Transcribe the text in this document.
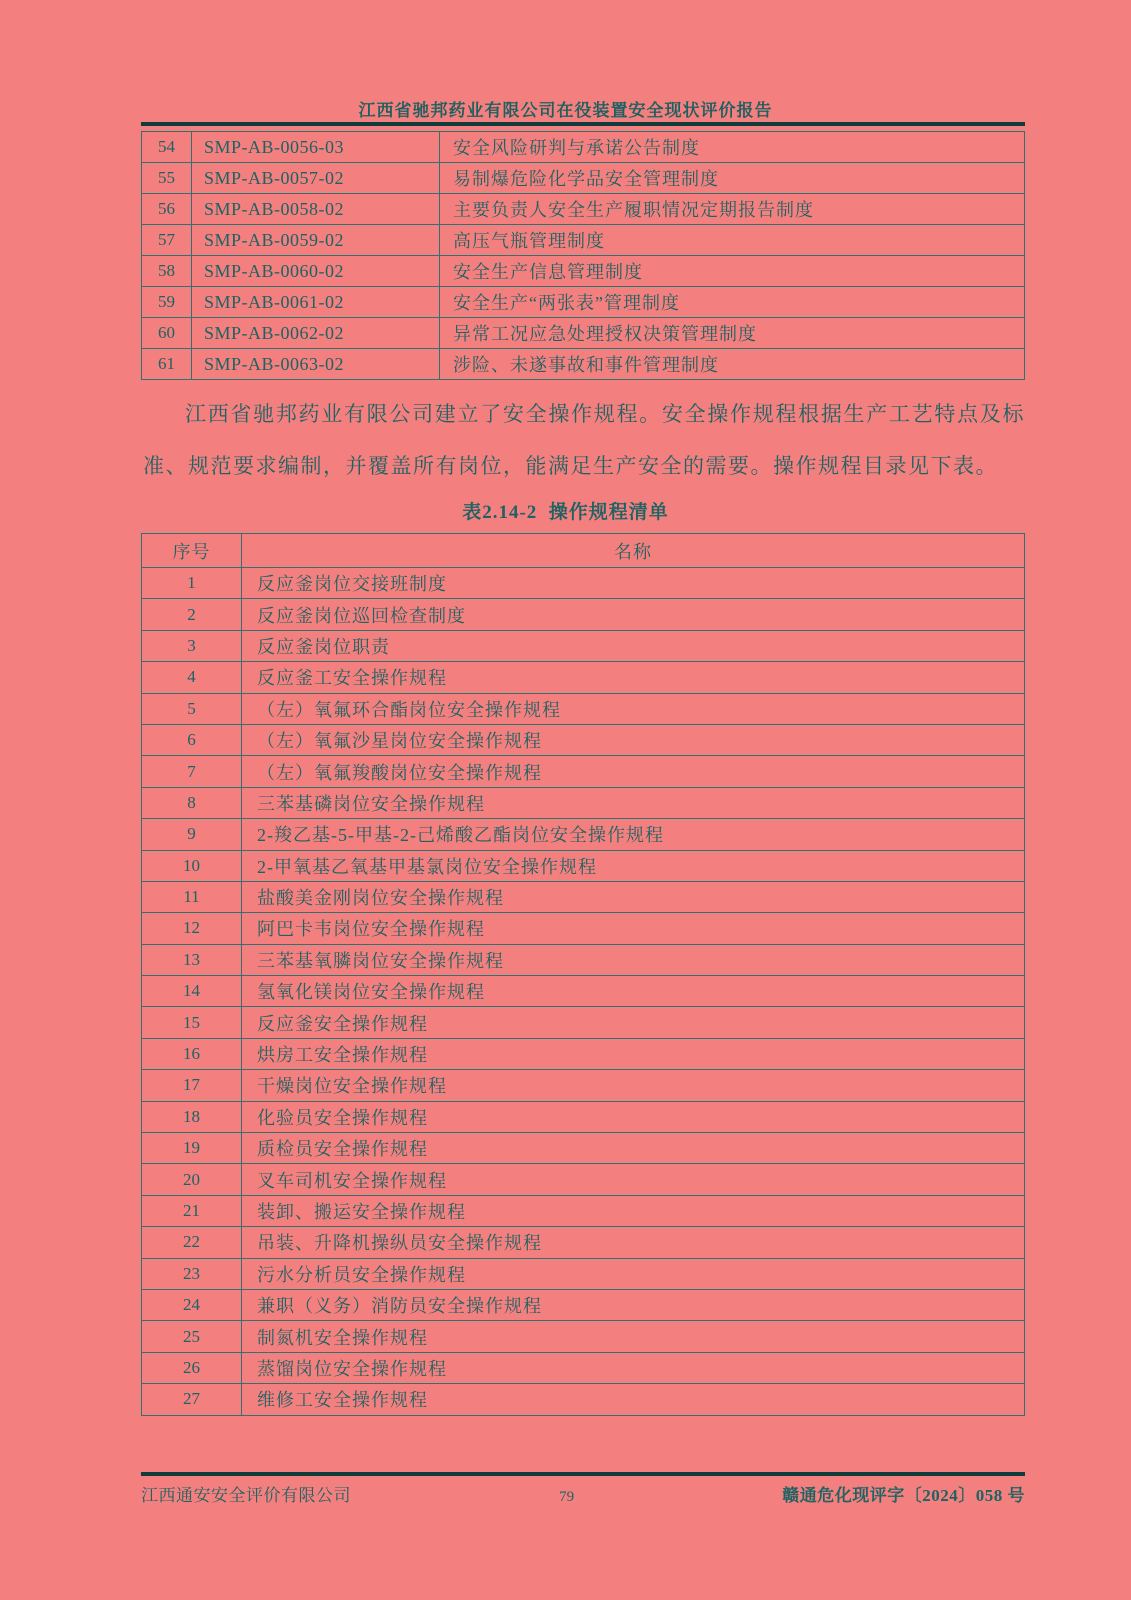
江西省驰邦药业有限公司在役装置安全现状评价报告
54	SMP-AB-0056-03	安全风险研判与承诺公告制度
55	SMP-AB-0057-02	易制爆危险化学品安全管理制度
56	SMP-AB-0058-02	主要负责人安全生产履职情况定期报告制度
57	SMP-AB-0059-02	高压气瓶管理制度
58	SMP-AB-0060-02	安全生产信息管理制度
59	SMP-AB-0061-02	安全生产“两张表”管理制度
60	SMP-AB-0062-02	异常工况应急处理授权决策管理制度
61	SMP-AB-0063-02	涉险、未遂事故和事件管理制度

江西省驰邦药业有限公司建立了安全操作规程。安全操作规程根据生产工艺特点及标准、规范要求编制，并覆盖所有岗位，能满足生产安全的需要。操作规程目录见下表。

表2.14-2  操作规程清单
序号	名称
1	反应釜岗位交接班制度
2	反应釜岗位巡回检查制度
3	反应釜岗位职责
4	反应釜工安全操作规程
5	（左）氧氟环合酯岗位安全操作规程
6	（左）氧氟沙星岗位安全操作规程
7	（左）氧氟羧酸岗位安全操作规程
8	三苯基磷岗位安全操作规程
9	2-羧乙基-5-甲基-2-己烯酸乙酯岗位安全操作规程
10	2-甲氧基乙氧基甲基氯岗位安全操作规程
11	盐酸美金刚岗位安全操作规程
12	阿巴卡韦岗位安全操作规程
13	三苯基氧膦岗位安全操作规程
14	氢氧化镁岗位安全操作规程
15	反应釜安全操作规程
16	烘房工安全操作规程
17	干燥岗位安全操作规程
18	化验员安全操作规程
19	质检员安全操作规程
20	叉车司机安全操作规程
21	装卸、搬运安全操作规程
22	吊装、升降机操纵员安全操作规程
23	污水分析员安全操作规程
24	兼职（义务）消防员安全操作规程
25	制氮机安全操作规程
26	蒸馏岗位安全操作规程
27	维修工安全操作规程
江西通安安全评价有限公司	79	赣通危化现评字〔2024〕058 号
